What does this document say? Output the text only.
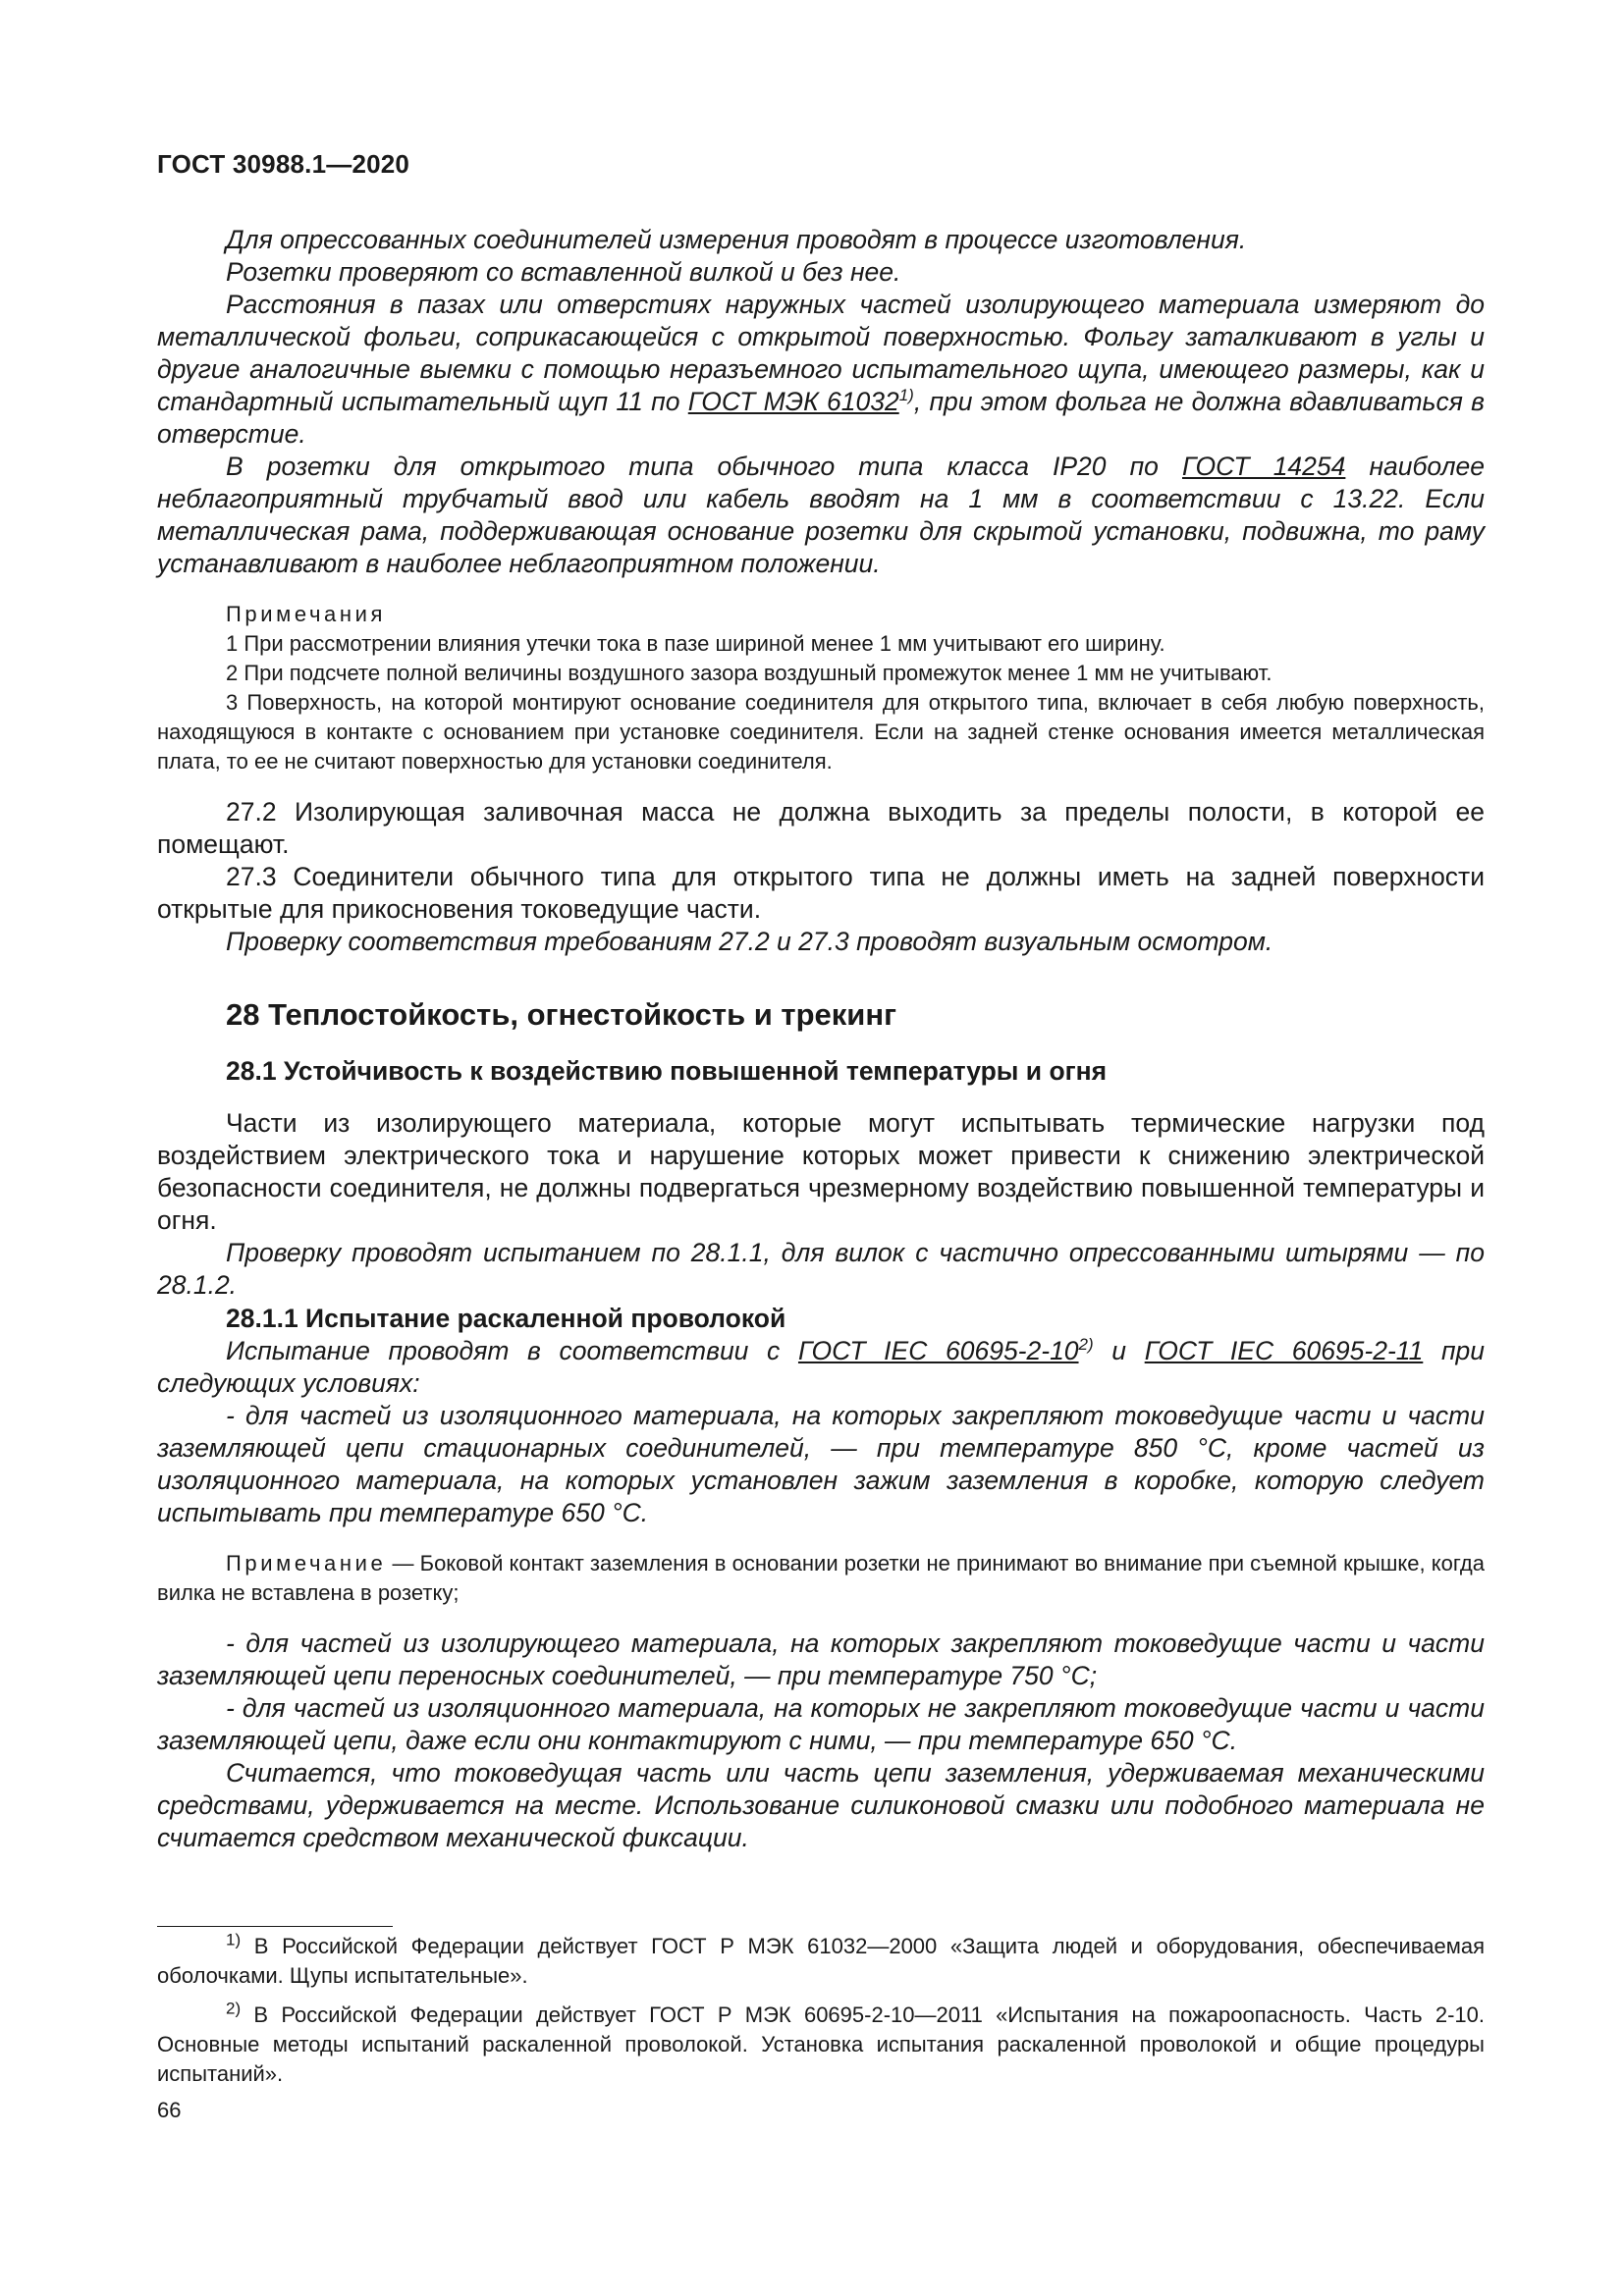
ГОСТ 30988.1—2020

Для опрессованных соединителей измерения проводят в процессе изготовления.

Розетки проверяют со вставленной вилкой и без нее.

Расстояния в пазах или отверстиях наружных частей изолирующего материала измеряют до металлической фольги, соприкасающейся с открытой поверхностью. Фольгу заталкивают в углы и другие аналогичные выемки с помощью неразъемного испытательного щупа, имеющего размеры, как и стандартный испытательный щуп 11 по ГОСТ МЭК 61032$^{1)}$, при этом фольга не должна вдавливаться в отверстие.

В розетки для открытого типа обычного типа класса IP20 по ГОСТ 14254 наиболее неблагоприятный трубчатый ввод или кабель вводят на 1 мм в соответствии с 13.22. Если металлическая рама, поддерживающая основание розетки для скрытой установки, подвижна, то раму устанавливают в наиболее неблагоприятном положении.

Примечания

1 При рассмотрении влияния утечки тока в пазе шириной менее 1 мм учитывают его ширину.

2 При подсчете полной величины воздушного зазора воздушный промежуток менее 1 мм не учитывают.

3 Поверхность, на которой монтируют основание соединителя для открытого типа, включает в себя любую поверхность, находящуюся в контакте с основанием при установке соединителя. Если на задней стенке основания имеется металлическая плата, то ее не считают поверхностью для установки соединителя.

27.2 Изолирующая заливочная масса не должна выходить за пределы полости, в которой ее помещают.

27.3 Соединители обычного типа для открытого типа не должны иметь на задней поверхности открытые для прикосновения токоведущие части.

Проверку соответствия требованиям 27.2 и 27.3 проводят визуальным осмотром.

28 Теплостойкость, огнестойкость и трекинг

28.1 Устойчивость к воздействию повышенной температуры и огня

Части из изолирующего материала, которые могут испытывать термические нагрузки под воздействием электрического тока и нарушение которых может привести к снижению электрической безопасности соединителя, не должны подвергаться чрезмерному воздействию повышенной температуры и огня.

Проверку проводят испытанием по 28.1.1, для вилок с частично опрессованными штырями — по 28.1.2.

28.1.1 Испытание раскаленной проволокой

Испытание проводят в соответствии с ГОСТ IEC 60695-2-10$^{2)}$ и ГОСТ IEC 60695-2-11 при следующих условиях:

- для частей из изоляционного материала, на которых закрепляют токоведущие части и части заземляющей цепи стационарных соединителей, — при температуре 850 °С, кроме частей из изоляционного материала, на которых установлен зажим заземления в коробке, которую следует испытывать при температуре 650 °С.

Примечание — Боковой контакт заземления в основании розетки не принимают во внимание при съемной крышке, когда вилка не вставлена в розетку;

- для частей из изолирующего материала, на которых закрепляют токоведущие части и части заземляющей цепи переносных соединителей, — при температуре 750 °С;

- для частей из изоляционного материала, на которых не закрепляют токоведущие части и части заземляющей цепи, даже если они контактируют с ними, — при температуре 650 °С.

Считается, что токоведущая часть или часть цепи заземления, удерживаемая механическими средствами, удерживается на месте. Использование силиконовой смазки или подобного материала не считается средством механической фиксации.

$^{1)}$ В Российской Федерации действует ГОСТ Р МЭК 61032—2000 «Защита людей и оборудования, обеспечиваемая оболочками. Щупы испытательные».

$^{2)}$ В Российской Федерации действует ГОСТ Р МЭК 60695-2-10—2011 «Испытания на пожароопасность. Часть 2-10. Основные методы испытаний раскаленной проволокой. Установка испытания раскаленной проволокой и общие процедуры испытаний».

66
